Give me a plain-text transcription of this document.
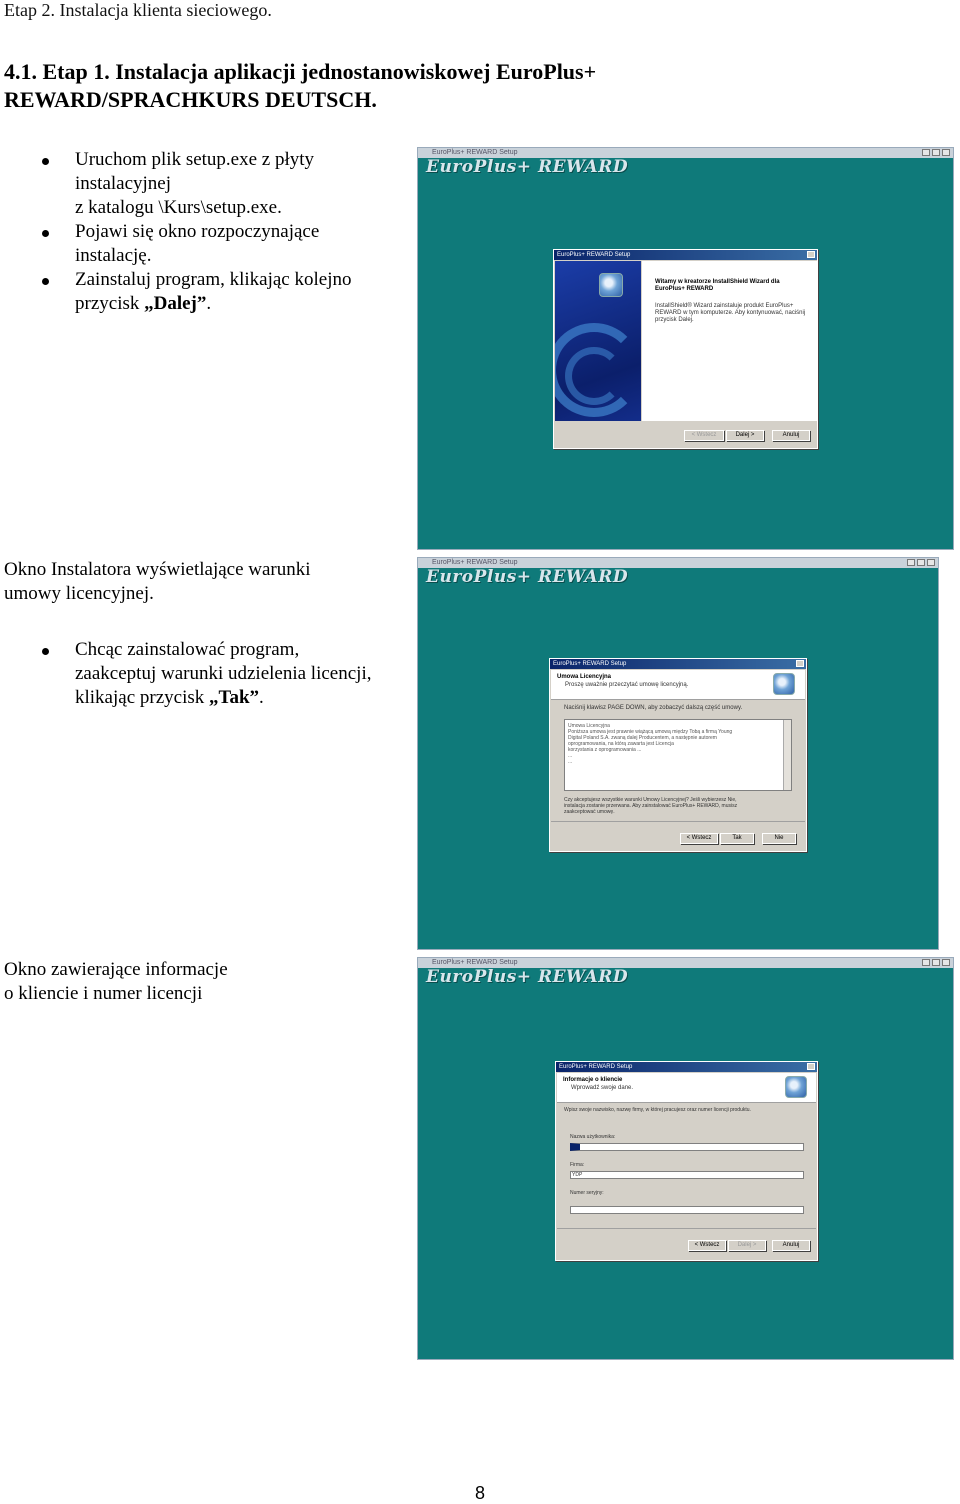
Etap 2. Instalacja klienta sieciowego.
4.1. Etap 1. Instalacja aplikacji jednostanowiskowej EuroPlus+
REWARD/SPRACHKURS DEUTSCH.
Uruchom plik setup.exe z płyty
instalacyjnej
z katalogu \Kurs\setup.exe.
Pojawi się okno rozpoczynające
instalację.
Zainstaluj program, klikając kolejno
przycisk „Dalej”.
Okno Instalatora wyświetlające warunki
umowy licencyjnej.
Chcąc zainstalować program,
zaakceptuj warunki udzielenia licencji,
klikając przycisk „Tak”.
Okno zawierające informacje
o kliencie i numer licencji
EuroPlus+ REWARD Setup
EuroPlus+ REWARD
EuroPlus+ REWARD Setup
Witamy w kreatorze InstallShield Wizard dla
EuroPlus+ REWARD
InstallShield® Wizard zainstaluje produkt EuroPlus+
REWARD w tym komputerze. Aby kontynuować, naciśnij
przycisk Dalej.
< Wstecz	Dalej >	Anuluj
EuroPlus+ REWARD Setup
EuroPlus+ REWARD
EuroPlus+ REWARD Setup
Umowa Licencyjna
Proszę uważnie przeczytać umowę licencyjną.
Naciśnij klawisz PAGE DOWN, aby zobaczyć dalszą część umowy.
Umowa Licencyjna
Poniższa umowa jest prawnie wiążącą umową między Tobą a firmą Young
Digital Poland S.A. zwaną dalej Producentem, a następnie autorem
oprogramowania, na którą zawarta jest Licencja
korzystania z oprogramowania ...
...
...
Czy akceptujesz wszystkie warunki Umowy Licencyjnej? Jeśli wybierzesz Nie,
instalacja zostanie przerwana. Aby zainstalować EuroPlus+ REWARD, musisz
zaakceptować umowę.
< Wstecz	Tak	Nie
EuroPlus+ REWARD Setup
EuroPlus+ REWARD
EuroPlus+ REWARD Setup
Informacje o kliencie
Wprowadź swoje dane.
Wpisz swoje nazwisko, nazwę firmy, w której pracujesz oraz numer licencji produktu.
Nazwa użytkownika:
Firma:
YDP
Numer seryjny:
< Wstecz	Dalej >	Anuluj
8
